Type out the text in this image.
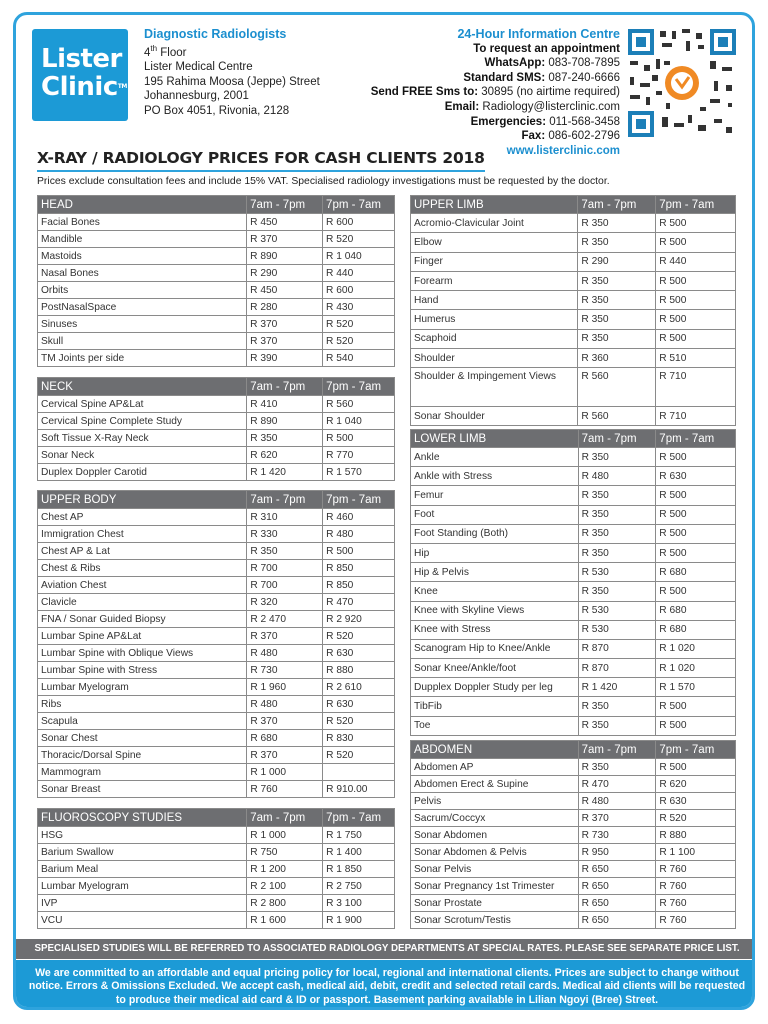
Lister
Clinic™
Diagnostic Radiologists
4th Floor
Lister Medical Centre
195 Rahima Moosa (Jeppe) Street
Johannesburg, 2001
PO Box 4051, Rivonia, 2128
24-Hour Information Centre
To request an appointment
WhatsApp: 083-708-7895
Standard SMS: 087-240-6666
Send FREE Sms to: 30895 (no airtime required)
Email: Radiology@listerclinic.com
Emergencies: 011-568-3458
Fax: 086-602-2796
www.listerclinic.com
X-RAY / RADIOLOGY PRICES FOR CASH CLIENTS 2018
Prices exclude consultation fees and include 15% VAT. Specialised radiology investigations must be requested by the doctor.
HEAD	7am - 7pm	7pm - 7am
Facial Bones	R 450	R 600
Mandible	R 370	R 520
Mastoids	R 890	R 1 040
Nasal Bones	R 290	R 440
Orbits	R 450	R 600
PostNasalSpace	R 280	R 430
Sinuses	R 370	R 520
Skull	R 370	R 520
TM Joints per side	R 390	R 540
NECK	7am - 7pm	7pm - 7am
Cervical Spine AP&Lat	R 410	R 560
Cervical Spine Complete Study	R 890	R 1 040
Soft Tissue X-Ray Neck	R 350	R 500
Sonar Neck	R 620	R 770
Duplex Doppler Carotid	R 1 420	R 1 570
UPPER BODY	7am - 7pm	7pm - 7am
Chest AP	R 310	R 460
Immigration Chest	R 330	R 480
Chest AP & Lat	R 350	R 500
Chest & Ribs	R 700	R 850
Aviation Chest	R 700	R 850
Clavicle	R 320	R 470
FNA / Sonar Guided Biopsy	R 2 470	R 2 920
Lumbar Spine AP&Lat	R 370	R 520
Lumbar Spine with Oblique Views	R 480	R 630
Lumbar Spine with Stress	R 730	R 880
Lumbar Myelogram	R 1 960	R 2 610
Ribs	R 480	R 630
Scapula	R 370	R 520
Sonar Chest	R 680	R 830
Thoracic/Dorsal Spine	R 370	R 520
Mammogram	R 1 000	
Sonar Breast	R 760	R 910.00
FLUOROSCOPY STUDIES	7am - 7pm	7pm - 7am
HSG	R 1 000	R 1 750
Barium Swallow	R 750	R 1 400
Barium Meal	R 1 200	R 1 850
Lumbar Myelogram	R 2 100	R 2 750
IVP	R 2 800	R 3 100
VCU	R 1 600	R 1 900
UPPER LIMB	7am - 7pm	7pm - 7am
Acromio-Clavicular Joint	R 350	R 500
Elbow	R 350	R 500
Finger	R 290	R 440
Forearm	R 350	R 500
Hand	R 350	R 500
Humerus	R 350	R 500
Scaphoid	R 350	R 500
Shoulder	R 360	R 510
Shoulder & Impingement Views	R 560	R 710
Sonar Shoulder	R 560	R 710
LOWER LIMB	7am - 7pm	7pm - 7am
Ankle	R 350	R 500
Ankle with Stress	R 480	R 630
Femur	R 350	R 500
Foot	R 350	R 500
Foot Standing (Both)	R 350	R 500
Hip	R 350	R 500
Hip & Pelvis	R 530	R 680
Knee	R 350	R 500
Knee with Skyline Views	R 530	R 680
Knee with Stress	R 530	R 680
Scanogram Hip to Knee/Ankle	R 870	R 1 020
Sonar Knee/Ankle/foot	R 870	R 1 020
Dupplex Doppler Study per leg	R 1 420	R 1 570
TibFib	R 350	R 500
Toe	R 350	R 500
ABDOMEN	7am - 7pm	7pm - 7am
Abdomen AP	R 350	R 500
Abdomen Erect & Supine	R 470	R 620
Pelvis	R 480	R 630
Sacrum/Coccyx	R 370	R 520
Sonar Abdomen	R 730	R 880
Sonar Abdomen & Pelvis	R 950	R 1 100
Sonar Pelvis	R 650	R 760
Sonar Pregnancy 1st Trimester	R 650	R 760
Sonar Prostate	R 650	R 760
Sonar Scrotum/Testis	R 650	R 760
SPECIALISED STUDIES WILL BE REFERRED TO ASSOCIATED RADIOLOGY DEPARTMENTS AT SPECIAL RATES. PLEASE SEE SEPARATE PRICE LIST.
We are committed to an affordable and equal pricing policy for local, regional and international clients. Prices are subject to change without notice. Errors & Omissions Excluded. We accept cash, medical aid, debit, credit and selected retail cards. Medical aid clients will be requested to produce their medical aid card & ID or passport. Basement parking available in Lilian Ngoyi (Bree) Street.
